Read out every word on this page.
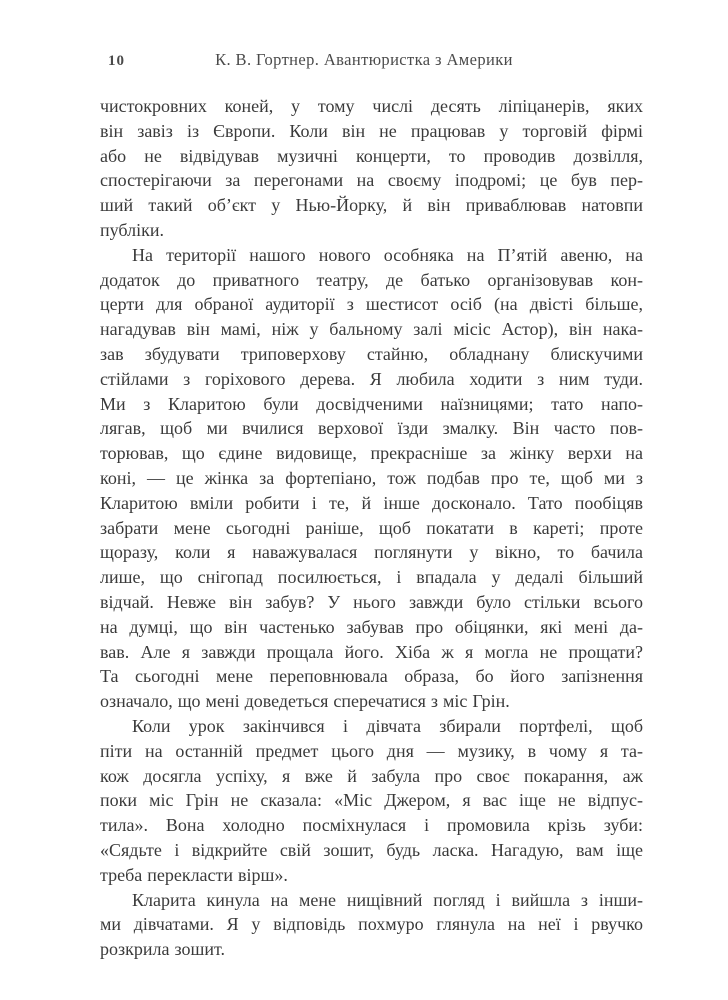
10	К. В. Гортнер. Авантюристка з Америки
чистокровних коней, у тому числі десять ліпіцанерів, яких
він завіз із Європи. Коли він не працював у торговій фірмі
або не відвідував музичні концерти, то проводив дозвілля,
спостерігаючи за перегонами на своєму іподромі; це був пер-
ший такий об’єкт у Нью-Йорку, й він приваблював натовпи
публіки.
На території нашого нового особняка на П’ятій авеню, на
додаток до приватного театру, де батько організовував кон-
церти для обраної аудиторії з шестисот осіб (на двісті більше,
нагадував він мамі, ніж у бальному залі місіс Астор), він нака-
зав збудувати триповерхову стайню, обладнану блискучими
стійлами з горіхового дерева. Я любила ходити з ним туди.
Ми з Кларитою були досвідченими наїзницями; тато напо-
лягав, щоб ми вчилися верхової їзди змалку. Він часто пов-
торював, що єдине видовище, прекрасніше за жінку верхи на
коні, — це жінка за фортепіано, тож подбав про те, щоб ми з
Кларитою вміли робити і те, й інше досконало. Тато пообіцяв
забрати мене сьогодні раніше, щоб покатати в кареті; проте
щоразу, коли я наважувалася поглянути у вікно, то бачила
лише, що снігопад посилюється, і впадала у дедалі більший
відчай. Невже він забув? У нього завжди було стільки всього
на думці, що він частенько забував про обіцянки, які мені да-
вав. Але я завжди прощала його. Хіба ж я могла не прощати?
Та сьогодні мене переповнювала образа, бо його запізнення
означало, що мені доведеться сперечатися з міс Грін.
Коли урок закінчився і дівчата збирали портфелі, щоб
піти на останній предмет цього дня — музику, в чому я та-
кож досягла успіху, я вже й забула про своє покарання, аж
поки міс Грін не сказала: «Міс Джером, я вас іще не відпус-
тила». Вона холодно посміхнулася і промовила крізь зуби:
«Сядьте і відкрийте свій зошит, будь ласка. Нагадую, вам іще
треба перекласти вірш».
Кларита кинула на мене нищівний погляд і вийшла з інши-
ми дівчатами. Я у відповідь похмуро глянула на неї і рвучко
розкрила зошит.
